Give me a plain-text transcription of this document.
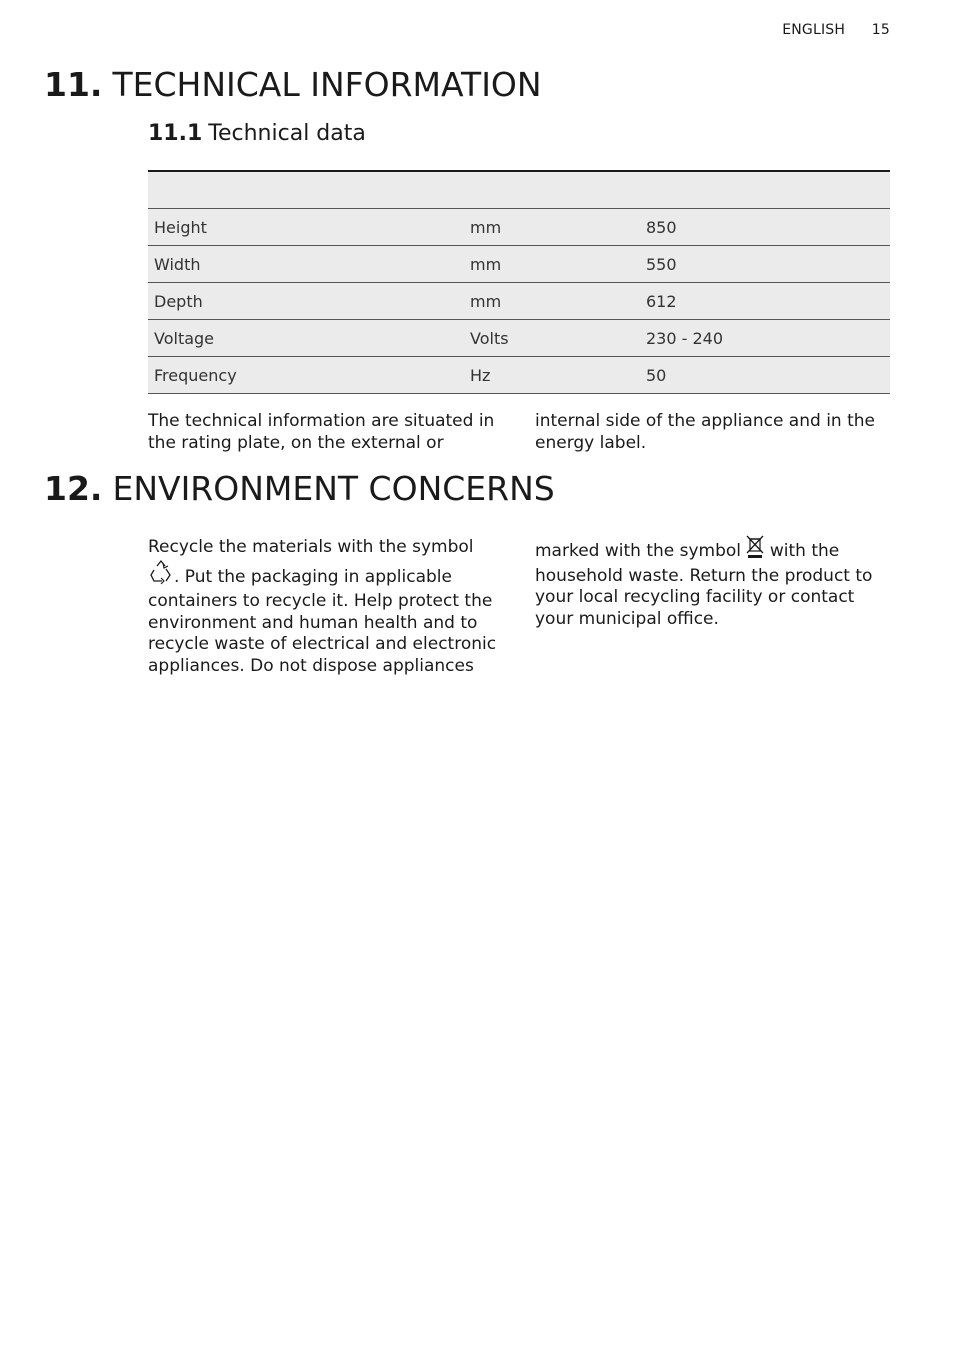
ENGLISH 15
11. TECHNICAL INFORMATION
11.1 Technical data

Height	mm	850
Width	mm	550
Depth	mm	612
Voltage	Volts	230 - 240
Frequency	Hz	50

The technical information are situated in the rating plate, on the external or

internal side of the appliance and in the energy label.

12. ENVIRONMENT CONCERNS

Recycle the materials with the symbol . Put the packaging in applicable containers to recycle it. Help protect the environment and human health and to recycle waste of electrical and electronic appliances. Do not dispose appliances

marked with the symbol with the household waste. Return the product to your local recycling facility or contact your municipal office.
